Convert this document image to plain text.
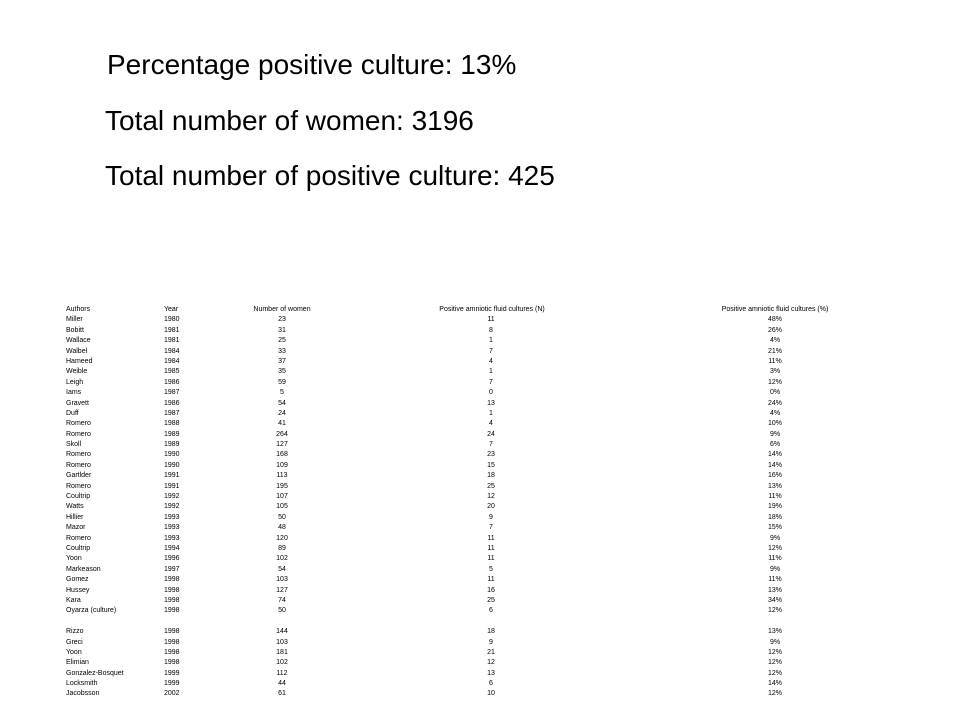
Percentage positive culture: 13%
Total number of women: 3196
Total number of positive culture: 425
Authors	Year	Number of women	Positive amniotic fluid cultures (N)	Positive amniotic fluid cultures (%)
Miller	1980	23	11	48%
Bobitt	1981	31	8	26%
Wallace	1981	25	1	4%
Walbel	1984	33	7	21%
Hameed	1984	37	4	11%
Weible	1985	35	1	3%
Leigh	1986	59	7	12%
Iams	1987	5	0	0%
Gravett	1986	54	13	24%
Duff	1987	24	1	4%
Romero	1988	41	4	10%
Romero	1989	264	24	9%
Skoll	1989	127	7	6%
Romero	1990	168	23	14%
Romero	1990	109	15	14%
Gartlder	1991	113	18	16%
Romero	1991	195	25	13%
Coultrip	1992	107	12	11%
Watts	1992	105	20	19%
Hillier	1993	50	9	18%
Mazor	1993	48	7	15%
Romero	1993	120	11	9%
Coultrip	1994	89	11	12%
Yoon	1996	102	11	11%
Markeason	1997	54	5	9%
Gomez	1998	103	11	11%
Hussey	1998	127	16	13%
Kara	1998	74	25	34%
Oyarza (culture)	1998	50	6	12%
Rizzo	1998	144	18	13%
Greci	1998	103	9	9%
Yoon	1998	181	21	12%
Elimian	1998	102	12	12%
Gonzalez-Bosquet	1999	112	13	12%
Locksmith	1999	44	6	14%
Jacobsson	2002	61	10	12%
